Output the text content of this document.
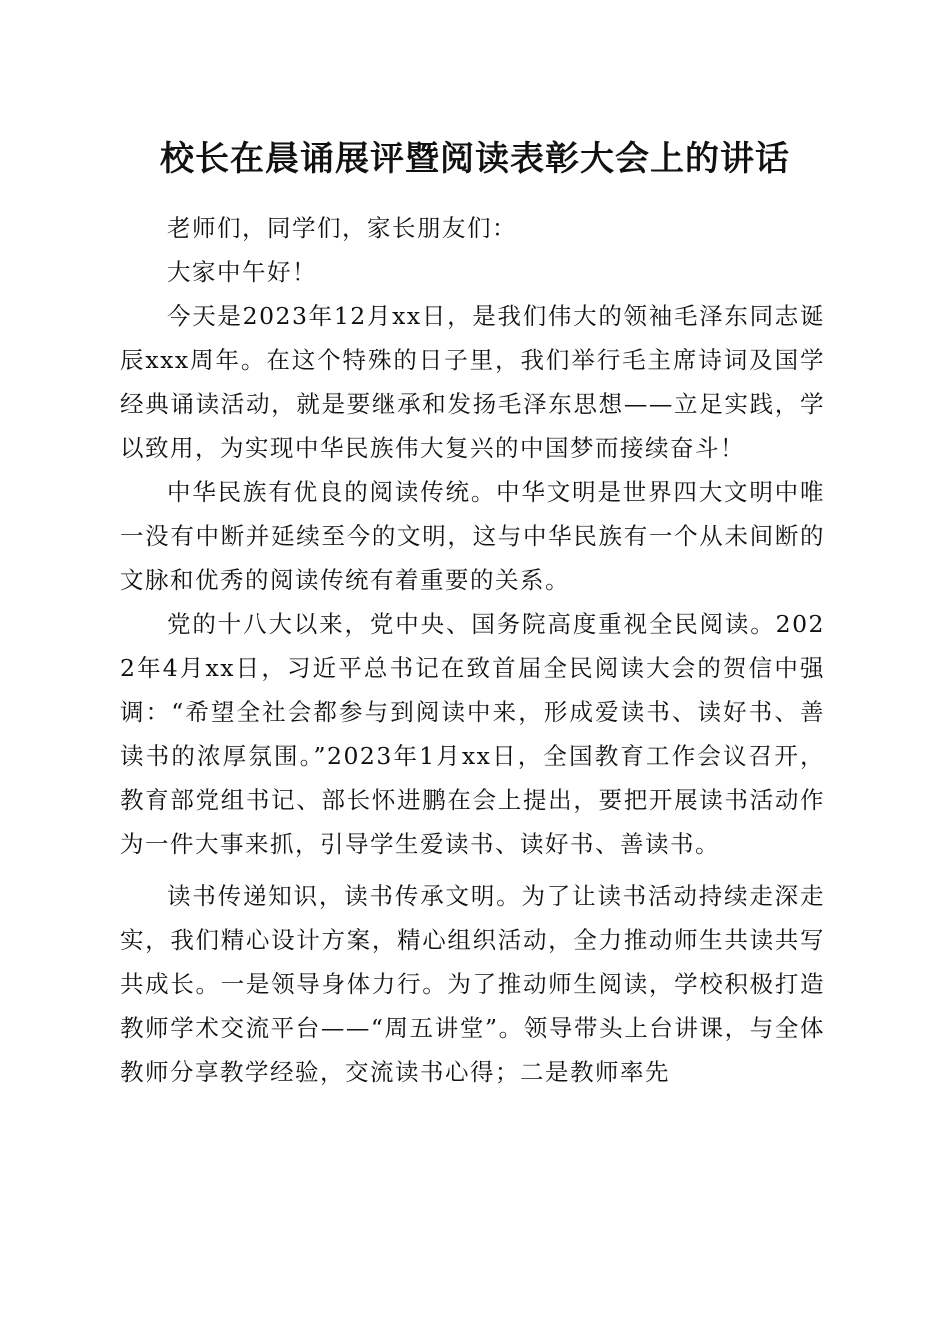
校长在晨诵展评暨阅读表彰大会上的讲话

老师们，同学们，家长朋友们：

大家中午好！

今天是2023年12月xx日，是我们伟大的领袖毛泽东同志诞辰xxx周年。在这个特殊的日子里，我们举行毛主席诗词及国学经典诵读活动，就是要继承和发扬毛泽东思想——立足实践，学以致用，为实现中华民族伟大复兴的中国梦而接续奋斗！

中华民族有优良的阅读传统。中华文明是世界四大文明中唯一没有中断并延续至今的文明，这与中华民族有一个从未间断的文脉和优秀的阅读传统有着重要的关系。

党的十八大以来，党中央、国务院高度重视全民阅读。2022年4月xx日，习近平总书记在致首届全民阅读大会的贺信中强调：“希望全社会都参与到阅读中来，形成爱读书、读好书、善读书的浓厚氛围。”2023年1月xx日，全国教育工作会议召开，教育部党组书记、部长怀进鹏在会上提出，要把开展读书活动作为一件大事来抓，引导学生爱读书、读好书、善读书。

读书传递知识，读书传承文明。为了让读书活动持续走深走实，我们精心设计方案，精心组织活动，全力推动师生共读共写共成长。一是领导身体力行。为了推动师生阅读，学校积极打造教师学术交流平台——“周五讲堂”。领导带头上台讲课，与全体教师分享教学经验，交流读书心得；二是教师率先
